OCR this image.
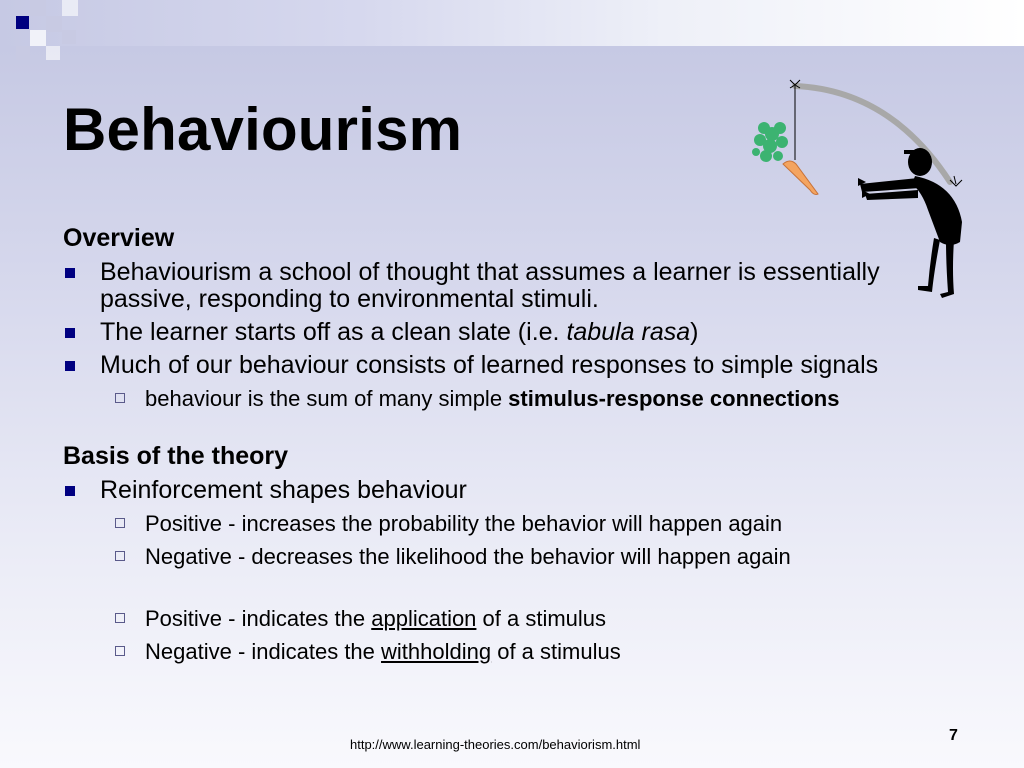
Behaviourism

Overview

Behaviourism a school of thought that assumes a learner is essentially passive, responding to environmental stimuli.
The learner starts off as a clean slate (i.e. tabula rasa)
Much of our behaviour consists of learned responses to simple signals
behaviour is the sum of many simple stimulus-response connections

Basis of the theory

Reinforcement shapes behaviour
Positive - increases the probability the behavior will happen again
Negative - decreases the likelihood the behavior will happen again
Positive - indicates the application of a stimulus
Negative - indicates the withholding of a stimulus
http://www.learning-theories.com/behaviorism.html
7
